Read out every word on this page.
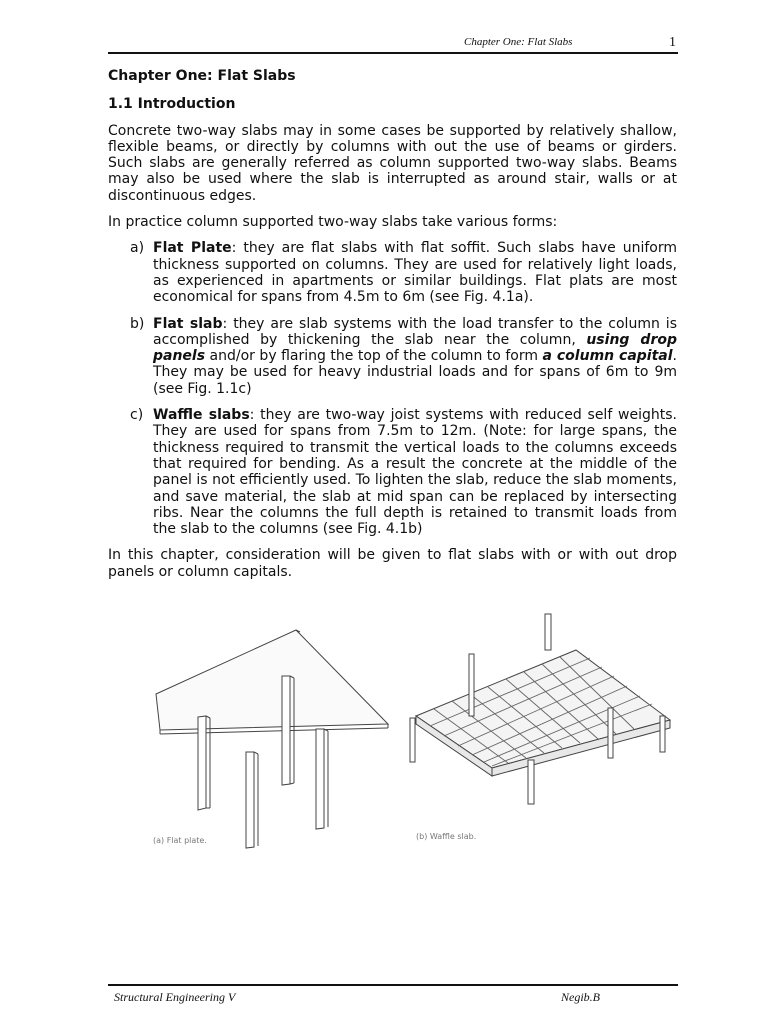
Chapter One: Flat Slabs	1
Chapter One: Flat Slabs
1.1 Introduction

Concrete two-way slabs may in some cases be supported by relatively shallow, flexible beams, or directly by columns with out the use of beams or girders. Such slabs are generally referred as column supported two-way slabs. Beams may also be used where the slab is interrupted as around stair, walls or at discontinuous edges.

In practice column supported two-way slabs take various forms:

a) Flat Plate: they are flat slabs with flat soffit. Such slabs have uniform thickness supported on columns. They are used for relatively light loads, as experienced in apartments or similar buildings. Flat plats are most economical for spans from 4.5m to 6m (see Fig. 4.1a).
b) Flat slab: they are slab systems with the load transfer to the column is accomplished by thickening the slab near the column, using drop panels and/or by flaring the top of the column to form a column capital. They may be used for heavy industrial loads and for spans of 6m to 9m (see Fig. 1.1c)
c) Waffle slabs: they are two-way joist systems with reduced self weights. They are used for spans from 7.5m to 12m. (Note: for large spans, the thickness required to transmit the vertical loads to the columns exceeds that required for bending. As a result the concrete at the middle of the panel is not efficiently used. To lighten the slab, reduce the slab moments, and save material, the slab at mid span can be replaced by intersecting ribs. Near the columns the full depth is retained to transmit loads from the slab to the columns (see Fig. 4.1b)

In this chapter, consideration will be given to flat slabs with or with out drop panels or column capitals.

(a) Flat plate.	(b) Waffle slab.
Structural Engineering V	Negib.B
